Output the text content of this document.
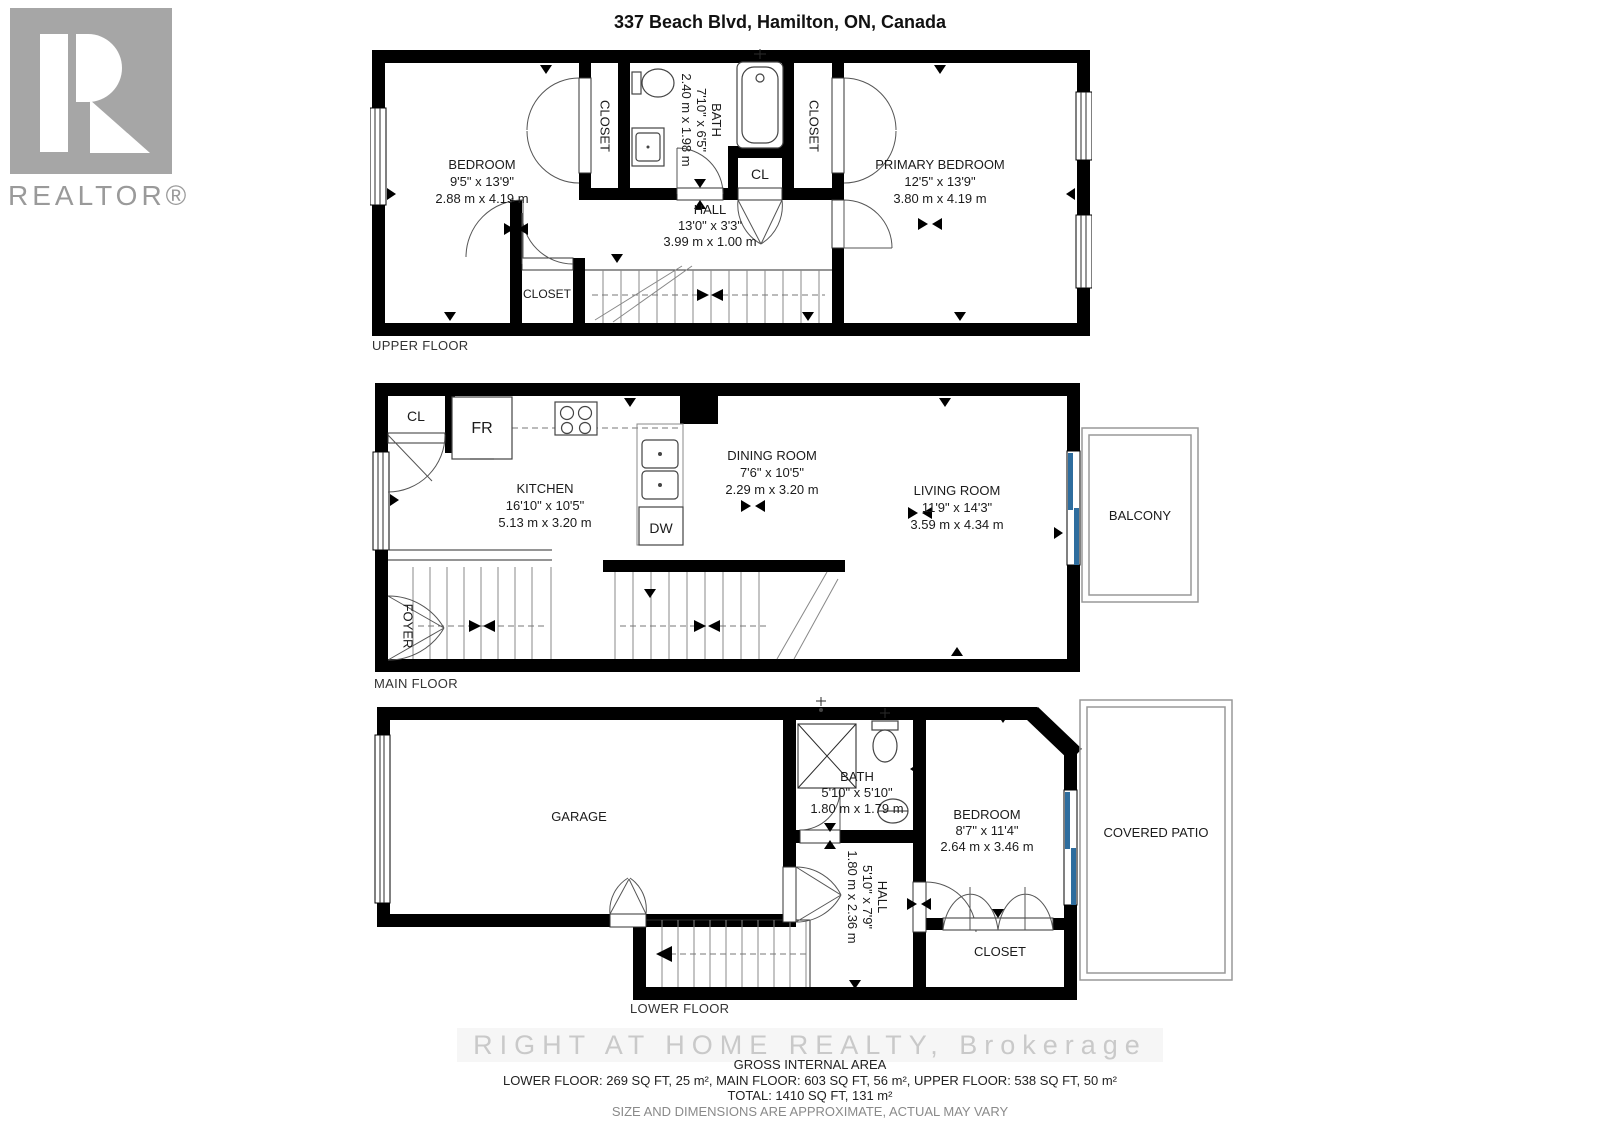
REALTOR®
337 Beach Blvd, Hamilton, ON, Canada
BEDROOM
9'5" x 13'9"
2.88 m x 4.19 m
CLOSET	BATH
7'10" x 6'5"
2.40 m x 1.98 m
CL
CLOSET
PRIMARY BEDROOM
12'5" x 13'9"
3.80 m x 4.19 m
HALL
13'0" x 3'3"
3.99 m x 1.00 m
CLOSET
UPPER FLOOR
CL
FR
KITCHEN
16'10" x 10'5"
5.13 m x 3.20 m	DW
DINING ROOM
7'6" x 10'5"
2.29 m x 3.20 m	LIVING ROOM
11'9" x 14'3"
3.59 m x 4.34 m
BALCONY
FOYER
MAIN FLOOR
GARAGE
BATH
5'10" x 5'10"
1.80 m x 1.79 m
HALL
5'10" x 7'9"
1.80 m x 2.36 m
BEDROOM
8'7" x 11'4"
2.64 m x 3.46 m
CLOSET
COVERED PATIO
LOWER FLOOR
RIGHT AT HOME REALTY, Brokerage
GROSS INTERNAL AREA
LOWER FLOOR: 269 SQ FT, 25 m², MAIN FLOOR: 603 SQ FT, 56 m², UPPER FLOOR: 538 SQ FT, 50 m²
TOTAL: 1410 SQ FT, 131 m²
SIZE AND DIMENSIONS ARE APPROXIMATE, ACTUAL MAY VARY
